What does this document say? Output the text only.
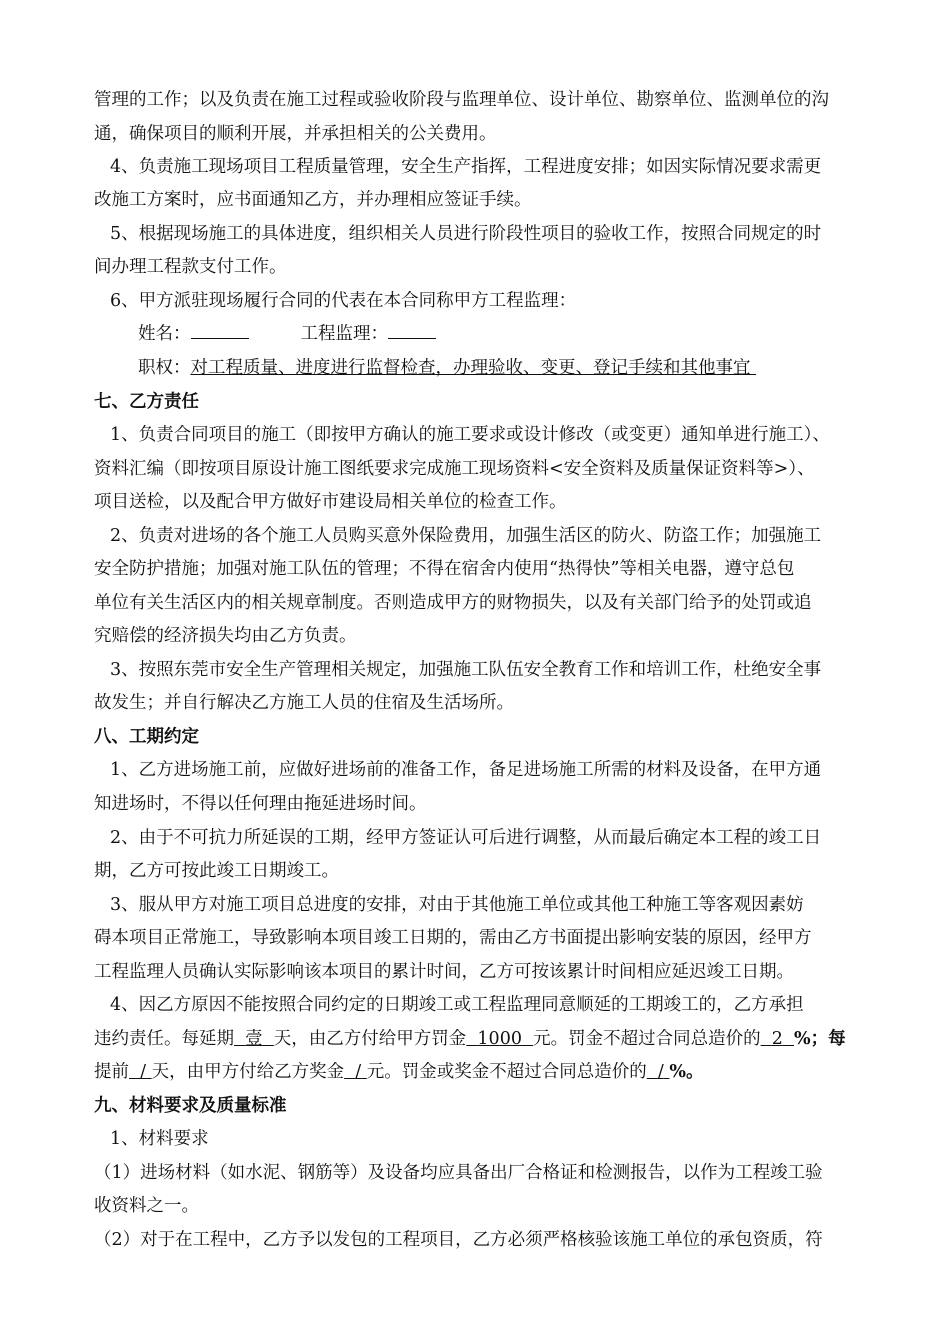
管理的工作；以及负责在施工过程或验收阶段与监理单位、设计单位、勘察单位、监测单位的沟
通，确保项目的顺利开展，并承担相关的公关费用。
4、负责施工现场项目工程质量管理，安全生产指挥，工程进度安排；如因实际情况要求需更
改施工方案时，应书面通知乙方，并办理相应签证手续。
5、根据现场施工的具体进度，组织相关人员进行阶段性项目的验收工作，按照合同规定的时
间办理工程款支付工作。
6、甲方派驻现场履行合同的代表在本合同称甲方工程监理：
姓名：	工程监理：
职权：对工程质量、进度进行监督检查，办理验收、变更、登记手续和其他事宜
七、乙方责任
1、负责合同项目的施工（即按甲方确认的施工要求或设计修改（或变更）通知单进行施工）、
资料汇编（即按项目原设计施工图纸要求完成施工现场资料<安全资料及质量保证资料等>）、
项目送检，以及配合甲方做好市建设局相关单位的检查工作。
2、负责对进场的各个施工人员购买意外保险费用，加强生活区的防火、防盗工作；加强施工
安全防护措施；加强对施工队伍的管理；不得在宿舍内使用“热得快”等相关电器，遵守总包
单位有关生活区内的相关规章制度。否则造成甲方的财物损失，以及有关部门给予的处罚或追
究赔偿的经济损失均由乙方负责。
3、按照东莞市安全生产管理相关规定，加强施工队伍安全教育工作和培训工作，杜绝安全事
故发生；并自行解决乙方施工人员的住宿及生活场所。
八、工期约定
1、乙方进场施工前，应做好进场前的准备工作，备足进场施工所需的材料及设备，在甲方通
知进场时，不得以任何理由拖延进场时间。
2、由于不可抗力所延误的工期，经甲方签证认可后进行调整，从而最后确定本工程的竣工日
期，乙方可按此竣工日期竣工。
3、服从甲方对施工项目总进度的安排，对由于其他施工单位或其他工种施工等客观因素妨
碍本项目正常施工，导致影响本项目竣工日期的，需由乙方书面提出影响安装的原因，经甲方
工程监理人员确认实际影响该本项目的累计时间，乙方可按该累计时间相应延迟竣工日期。
4、因乙方原因不能按照合同约定的日期竣工或工程监理同意顺延的工期竣工的，乙方承担
违约责任。每延期 壹 天，由乙方付给甲方罚金 1000 元。罚金不超过合同总造价的 2 %；每
提前 / 天，由甲方付给乙方奖金 / 元。罚金或奖金不超过合同总造价的 / %。
九、材料要求及质量标准
1、材料要求
（1）进场材料（如水泥、钢筋等）及设备均应具备出厂合格证和检测报告，以作为工程竣工验
收资料之一。
（2）对于在工程中，乙方予以发包的工程项目，乙方必须严格核验该施工单位的承包资质，符
